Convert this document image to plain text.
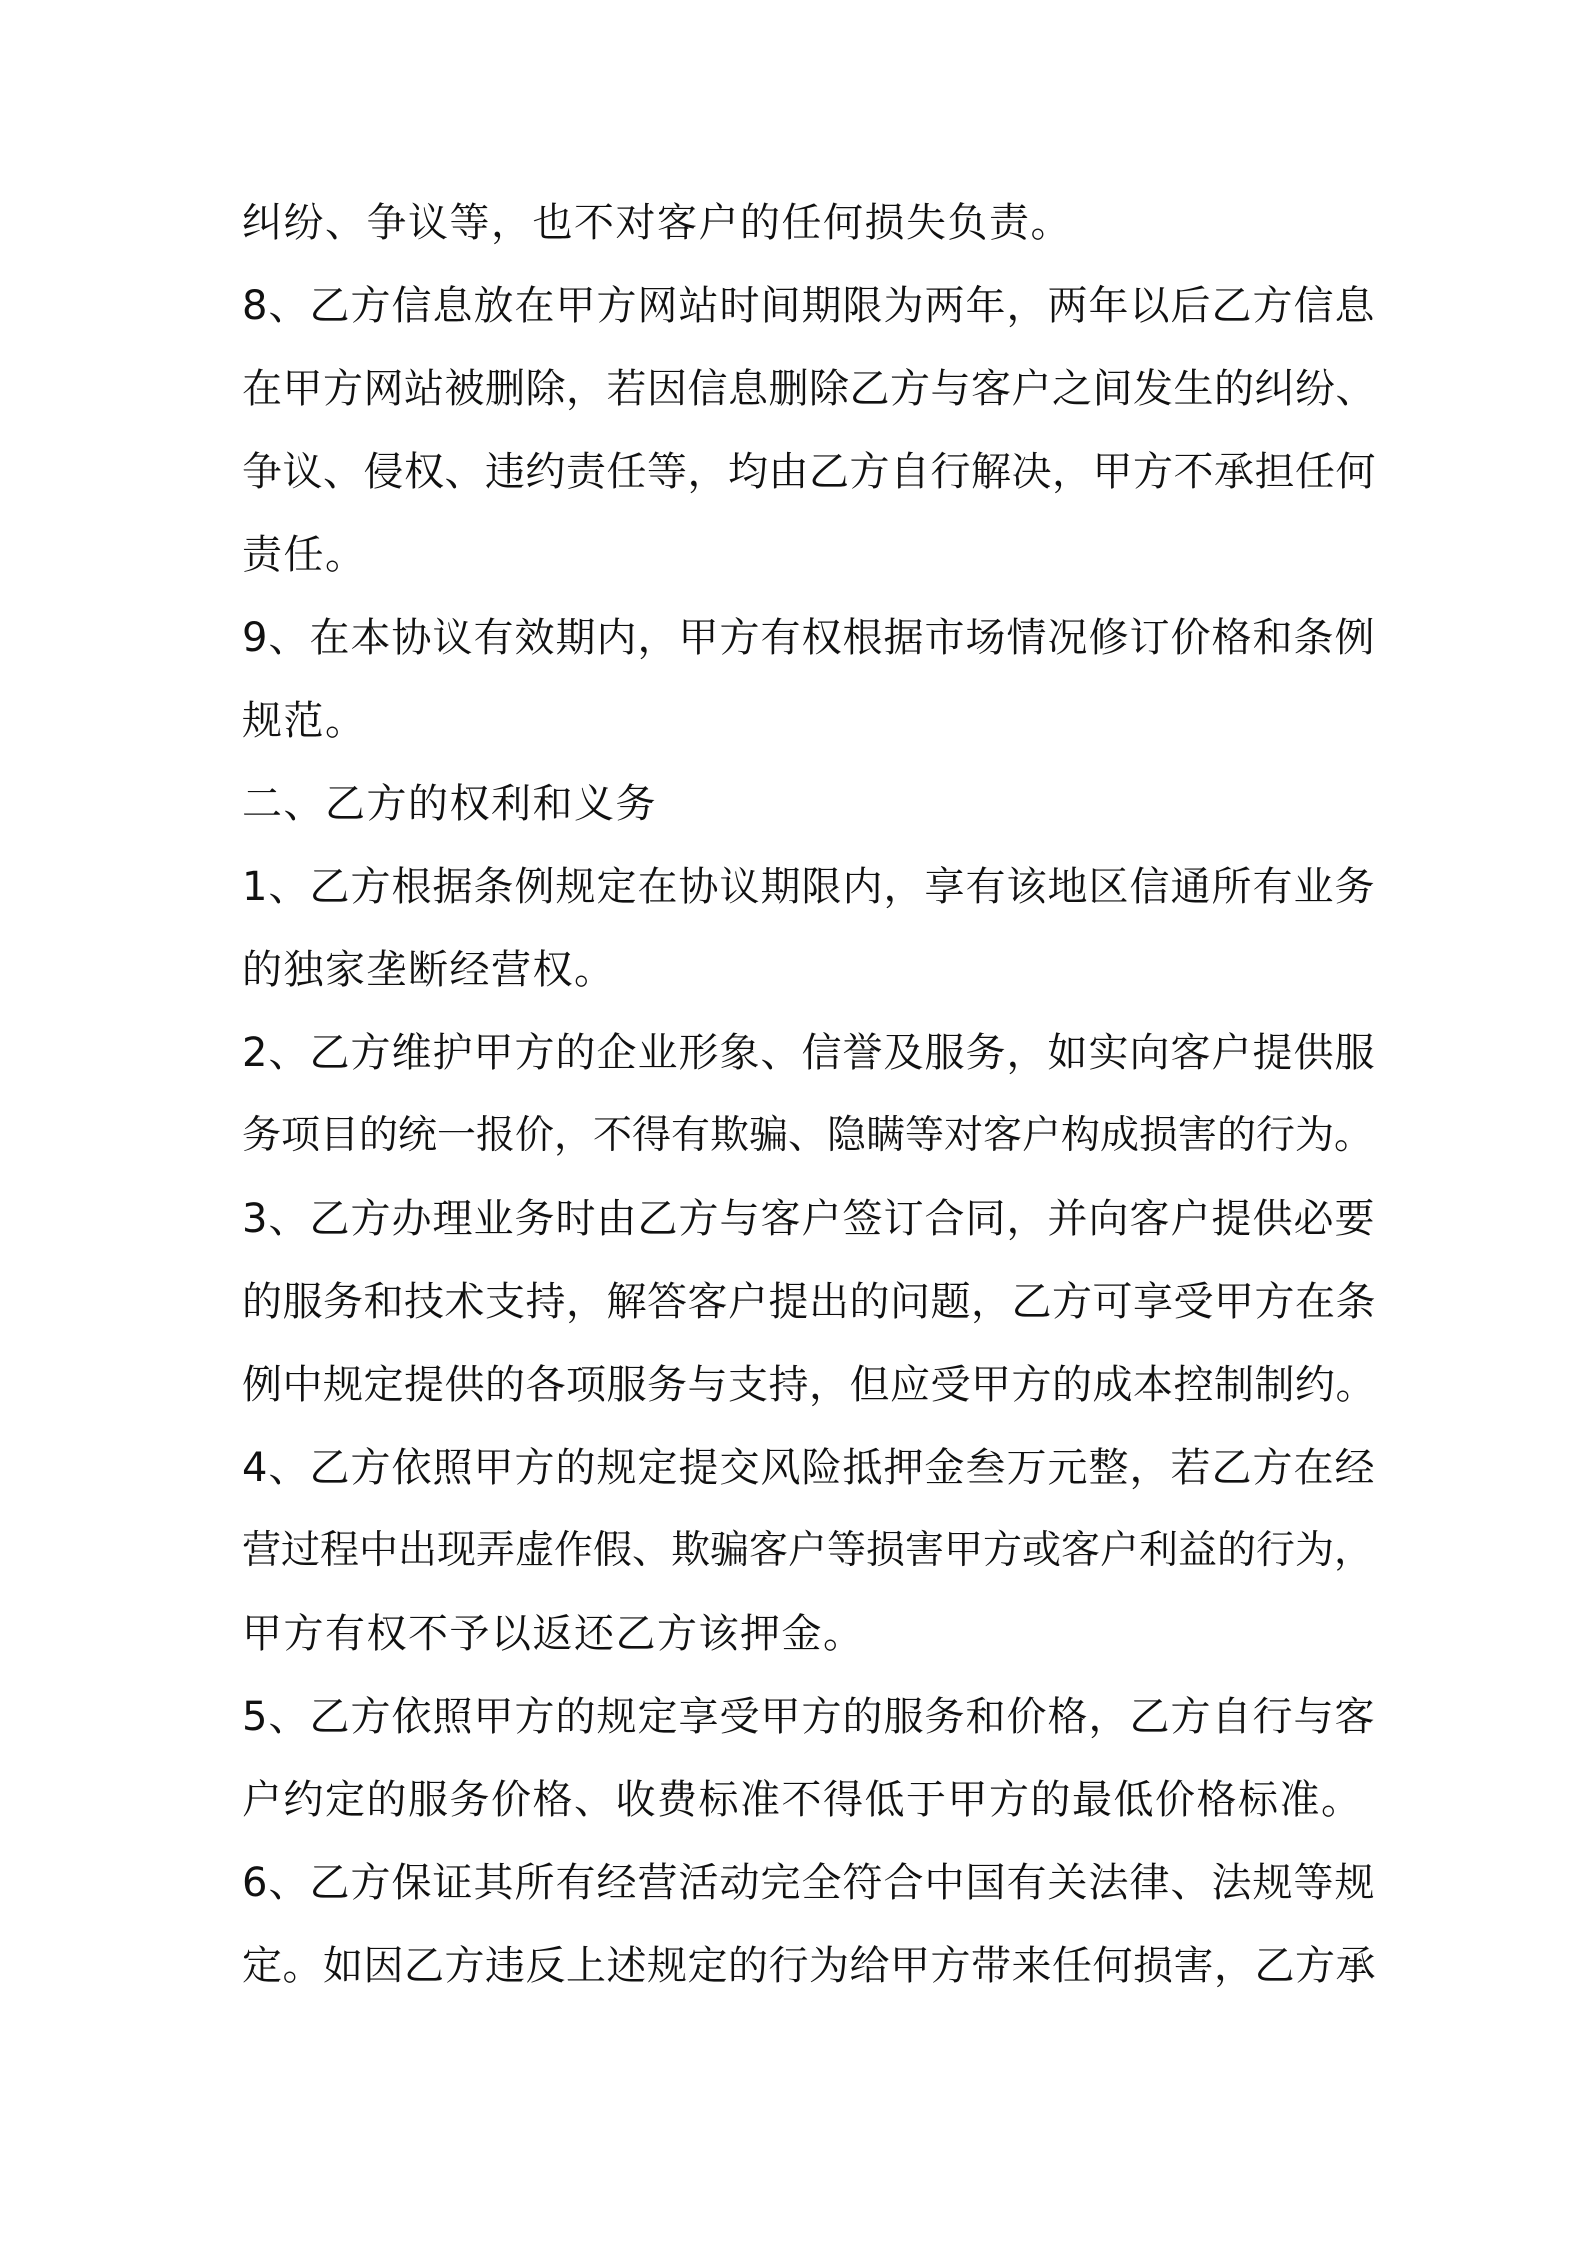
纠纷、争议等，也不对客户的任何损失负责。
8、乙方信息放在甲方网站时间期限为两年，两年以后乙方信息
在甲方网站被删除，若因信息删除乙方与客户之间发生的纠纷、
争议、侵权、违约责任等，均由乙方自行解决，甲方不承担任何
责任。
9、在本协议有效期内，甲方有权根据市场情况修订价格和条例
规范。
二、乙方的权利和义务
1、乙方根据条例规定在协议期限内，享有该地区信通所有业务
的独家垄断经营权。
2、乙方维护甲方的企业形象、信誉及服务，如实向客户提供服
务项目的统一报价，不得有欺骗、隐瞒等对客户构成损害的行为。
3、乙方办理业务时由乙方与客户签订合同，并向客户提供必要
的服务和技术支持，解答客户提出的问题，乙方可享受甲方在条
例中规定提供的各项服务与支持，但应受甲方的成本控制制约。
4、乙方依照甲方的规定提交风险抵押金叁万元整，若乙方在经
营过程中出现弄虚作假、欺骗客户等损害甲方或客户利益的行为，
甲方有权不予以返还乙方该押金。
5、乙方依照甲方的规定享受甲方的服务和价格，乙方自行与客
户约定的服务价格、收费标准不得低于甲方的最低价格标准。
6、乙方保证其所有经营活动完全符合中国有关法律、法规等规
定。如因乙方违反上述规定的行为给甲方带来任何损害，乙方承
